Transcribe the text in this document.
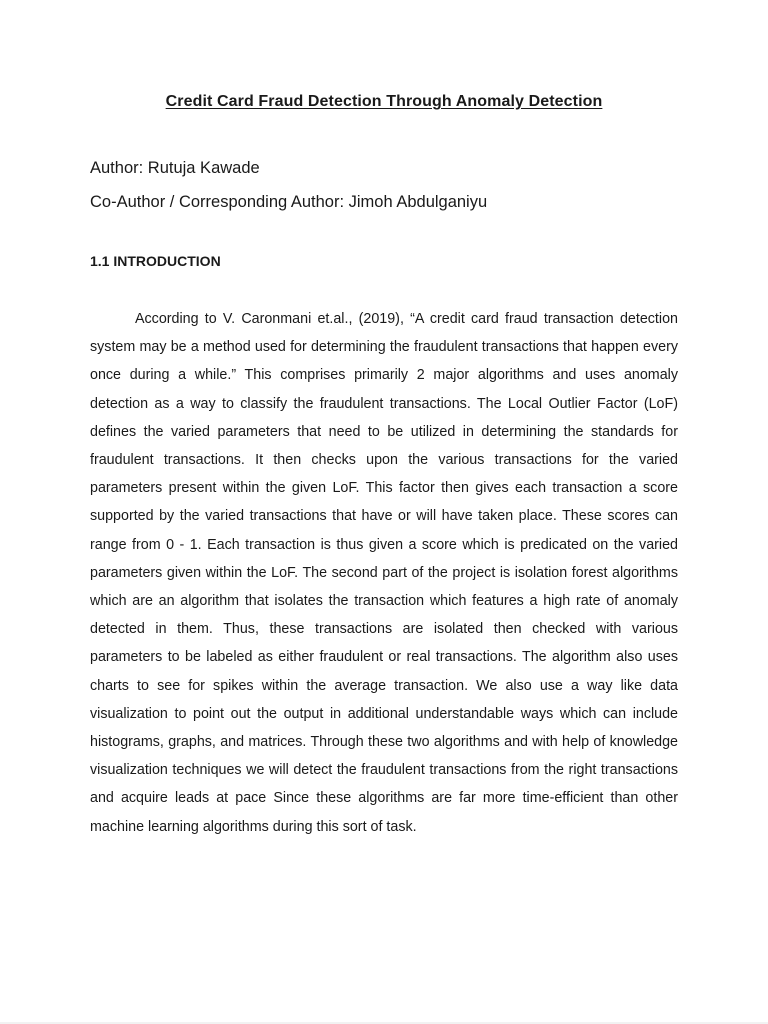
Credit Card Fraud Detection Through Anomaly Detection
Author: Rutuja Kawade
Co-Author / Corresponding Author: Jimoh Abdulganiyu
1.1 INTRODUCTION

According to V. Caronmani et.al., (2019), “A credit card fraud transaction detection system may be a method used for determining the fraudulent transactions that happen every once during a while.” This comprises primarily 2 major algorithms and uses anomaly detection as a way to classify the fraudulent transactions. The Local Outlier Factor (LoF) defines the varied parameters that need to be utilized in determining the standards for fraudulent transactions. It then checks upon the various transactions for the varied parameters present within the given LoF. This factor then gives each transaction a score supported by the varied transactions that have or will have taken place. These scores can range from 0 - 1. Each transaction is thus given a score which is predicated on the varied parameters given within the LoF. The second part of the project is isolation forest algorithms which are an algorithm that isolates the transaction which features a high rate of anomaly detected in them. Thus, these transactions are isolated then checked with various parameters to be labeled as either fraudulent or real transactions. The algorithm also uses charts to see for spikes within the average transaction. We also use a way like data visualization to point out the output in additional understandable ways which can include histograms, graphs, and matrices. Through these two algorithms and with help of knowledge visualization techniques we will detect the fraudulent transactions from the right transactions and acquire leads at pace Since these algorithms are far more time-efficient than other machine learning algorithms during this sort of task.
